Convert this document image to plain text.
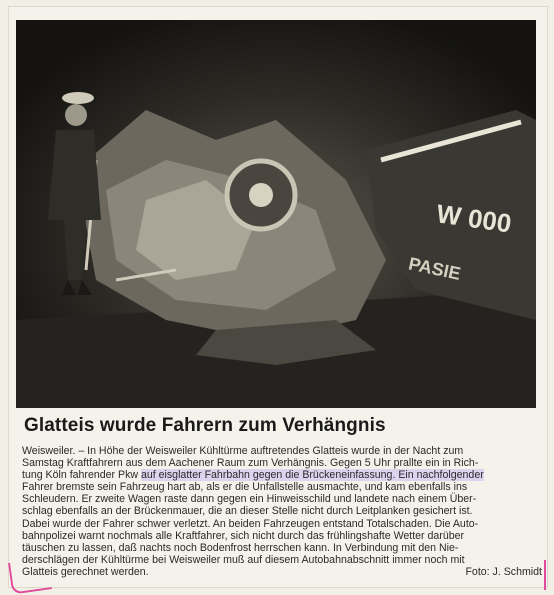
W 000
PASIE
Glatteis wurde Fahrern zum Verhängnis
Weisweiler. – In Höhe der Weisweiler Kühltürme auftretendes Glatteis wurde in der Nacht zum
Samstag Kraftfahrern aus dem Aachener Raum zum Verhängnis. Gegen 5 Uhr prallte ein in Rich-
tung Köln fahrender Pkw auf eisglatter Fahrbahn gegen die Brückeneinfassung. Ein nachfolgender
Fahrer bremste sein Fahrzeug hart ab, als er die Unfallstelle ausmachte, und kam ebenfalls ins
Schleudern. Er zweite Wagen raste dann gegen ein Hinweisschild und landete nach einem Über-
schlag ebenfalls an der Brückenmauer, die an dieser Stelle nicht durch Leitplanken gesichert ist.
Dabei wurde der Fahrer schwer verletzt. An beiden Fahrzeugen entstand Totalschaden. Die Auto-
bahnpolizei warnt nochmals alle Kraftfahrer, sich nicht durch das frühlingshafte Wetter darüber
täuschen zu lassen, daß nachts noch Bodenfrost herrschen kann. In Verbindung mit den Nie-
derschlägen der Kühltürme bei Weisweiler muß auf diesem Autobahnabschnitt immer noch mit
Glatteis gerechnet werden.	Foto: J. Schmidt
